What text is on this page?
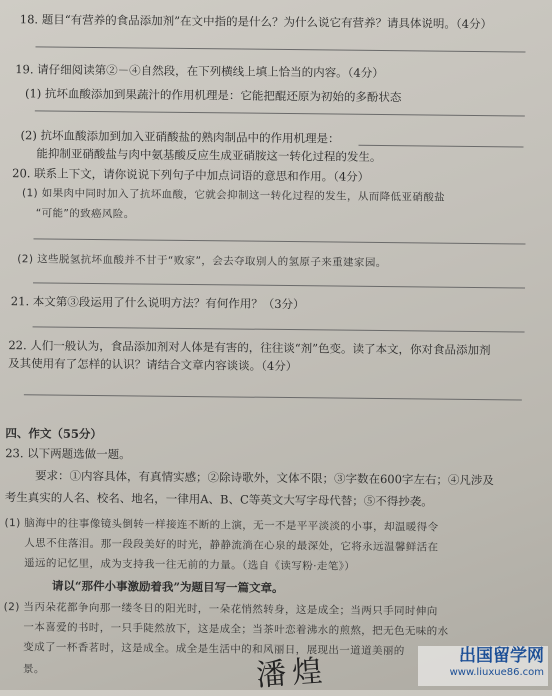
18. 题目“有营养的食品添加剂”在文中指的是什么？为什么说它有营养？请具体说明。（4分）
19. 请仔细阅读第②－④自然段，在下列横线上填上恰当的内容。（4分）
(1) 抗坏血酸添加到果蔬汁的作用机理是：它能把醌还原为初始的多酚状态
(2) 抗坏血酸添加到加入亚硝酸盐的熟肉制品中的作用机理是：
能抑制亚硝酸盐与肉中氨基酸反应生成亚硝胺这一转化过程的发生。
20. 联系上下文，请你说说下列句子中加点词语的意思和作用。（4分）
(1) 如果肉中同时加入了抗坏血酸，它就会抑制这一转化过程的发生，从而降低亚硝酸盐
“可能”的致癌风险。
(2) 这些脱氢抗坏血酸并不甘于“败家”，会去夺取别人的氢原子来重建家园。
21. 本文第③段运用了什么说明方法？有何作用？（3分）
22. 人们一般认为，食品添加剂对人体是有害的，往往谈“剂”色变。读了本文，你对食品添加剂
及其使用有了怎样的认识？请结合文章内容谈谈。（4分）
四、作文（55分）
23. 以下两题选做一题。
要求：①内容具体，有真情实感；②除诗歌外，文体不限；③字数在600字左右；④凡涉及
考生真实的人名、校名、地名，一律用A、B、C等英文大写字母代替；⑤不得抄袭。
(1) 脑海中的往事像镜头倒转一样接连不断的上演，无一不是平平淡淡的小事，却温暖得令
人思不住落泪。那一段段美好的时光，静静流淌在心泉的最深处，它将永远温馨鲜活在
遥远的记忆里，成为支持我一往无前的力量。（选自《读写粉·走笔》）
请以“那件小事激励着我”为题目写一篇文章。
(2) 当丙朵花都争向那一缕冬日的阳光时，一朵花悄然转身，这是成全；当两只手同时伸向
一本喜爱的书时，一只手陡然放下，这是成全；当茶叶恋着沸水的煎熬，把无色无味的水
变成了一杯香茗时，这是成全。成全是生活中的和风丽日，展现出一道道美丽的
景。	潘煌	出国留学网
www.liuxue86.com
